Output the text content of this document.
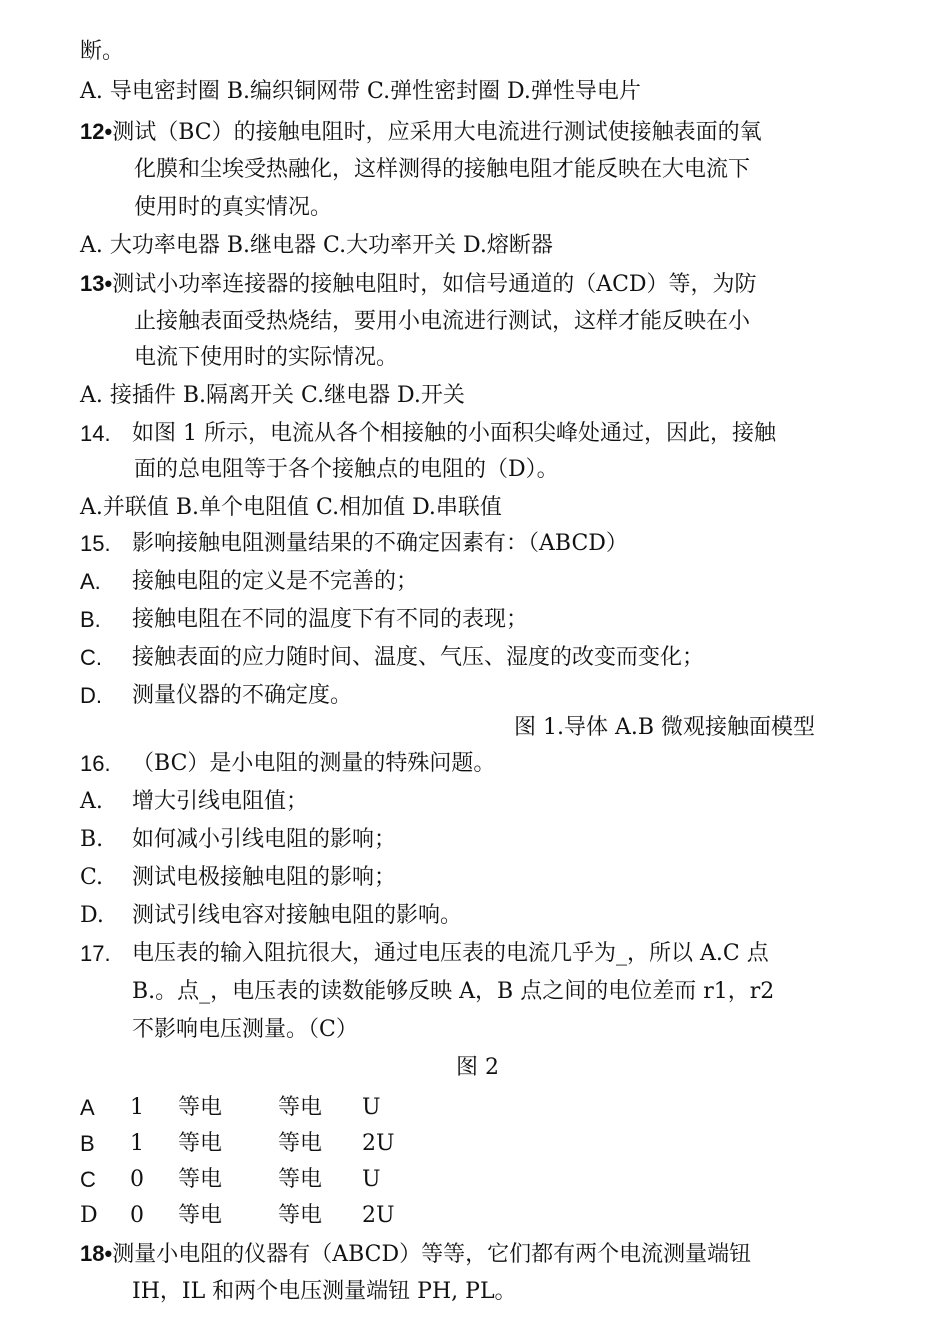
断。
A. 导电密封圈 B.编织铜网带 C.弹性密封圈 D.弹性导电片
12•测试（BC）的接触电阻时，应采用大电流进行测试使接触表面的氧
化膜和尘埃受热融化，这样测得的接触电阻才能反映在大电流下
使用时的真实情况。
A. 大功率电器 B.继电器 C.大功率开关 D.熔断器
13•测试小功率连接器的接触电阻时，如信号通道的（ACD）等，为防
止接触表面受热烧结，要用小电流进行测试，这样才能反映在小
电流下使用时的实际情况。
A. 接插件 B.隔离开关 C.继电器 D.开关
14. 如图 1 所示，电流从各个相接触的小面积尖峰处通过，因此，接触
面的总电阻等于各个接触点的电阻的（D）。
A.并联值 B.单个电阻值 C.相加值 D.串联值
15. 影响接触电阻测量结果的不确定因素有：（ABCD）
A. 接触电阻的定义是不完善的；
B. 接触电阻在不同的温度下有不同的表现；
C. 接触表面的应力随时间、温度、气压、湿度的改变而变化；
D. 测量仪器的不确定度。
图 1.导体 A.B 微观接触面模型
16. （BC）是小电阻的测量的特殊问题。
A. 增大引线电阻值；
B. 如何减小引线电阻的影响；
C. 测试电极接触电阻的影响；
D. 测试引线电容对接触电阻的影响。
17. 电压表的输入阻抗很大，通过电压表的电流几乎为_，所以 A.C 点
B.。点_，电压表的读数能够反映 A，B 点之间的电位差而 r1，r2
不影响电压测量。（C）
图 2
A 1 等电	等电 U
B 1 等电	等电 2U
C 0 等电	等电 U
D 0 等电	等电 2U
18•测量小电阻的仪器有（ABCD）等等，它们都有两个电流测量端钮
IH，IL 和两个电压测量端钮 PH, PL。
